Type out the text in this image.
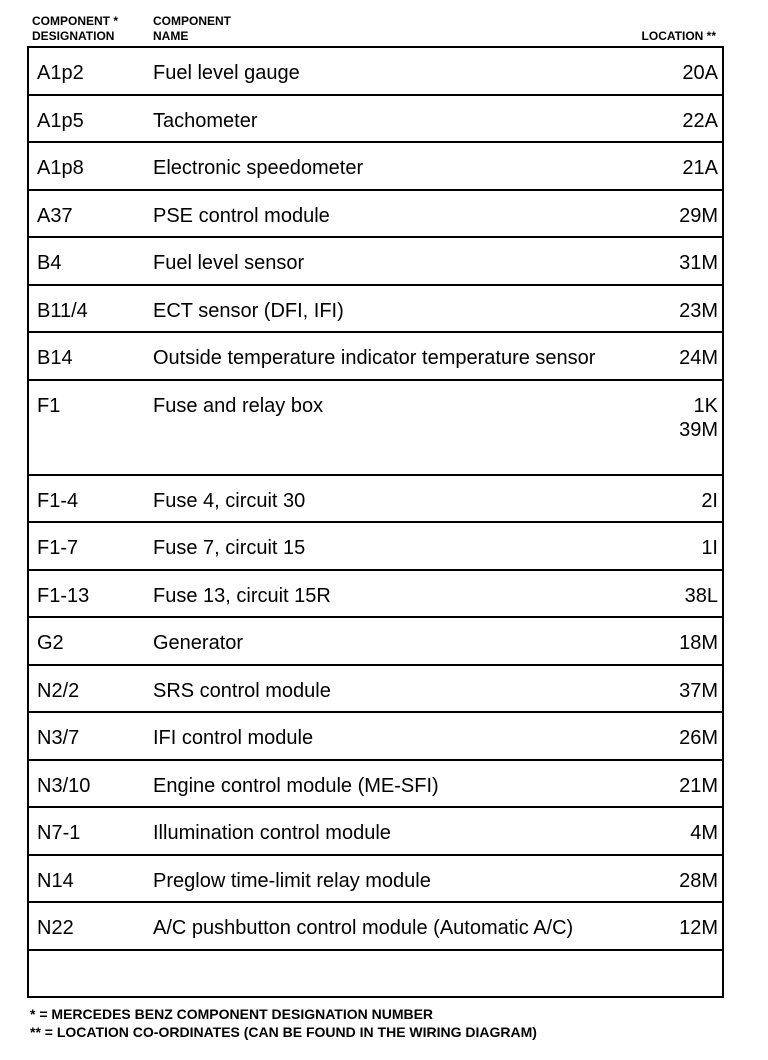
COMPONENT *
DESIGNATION
COMPONENT
NAME	LOCATION **
A1p2	Fuel level gauge	20A
A1p5	Tachometer	22A
A1p8	Electronic speedometer	21A
A37	PSE control module	29M
B4	Fuel level sensor	31M
B11/4	ECT sensor (DFI, IFI)	23M
B14	Outside temperature indicator temperature sensor	24M
F1	Fuse and relay box	1K
39M
F1-4	Fuse 4, circuit 30	2I
F1-7	Fuse 7, circuit 15	1I
F1-13	Fuse 13, circuit 15R	38L
G2	Generator	18M
N2/2	SRS control module	37M
N3/7	IFI control module	26M
N3/10	Engine control module (ME-SFI)	21M
N7-1	Illumination control module	4M
N14	Preglow time-limit relay module	28M
N22	A/C pushbutton control module (Automatic A/C)	12M
* = MERCEDES BENZ COMPONENT DESIGNATION NUMBER
** = LOCATION CO-ORDINATES (CAN BE FOUND IN THE WIRING DIAGRAM)
